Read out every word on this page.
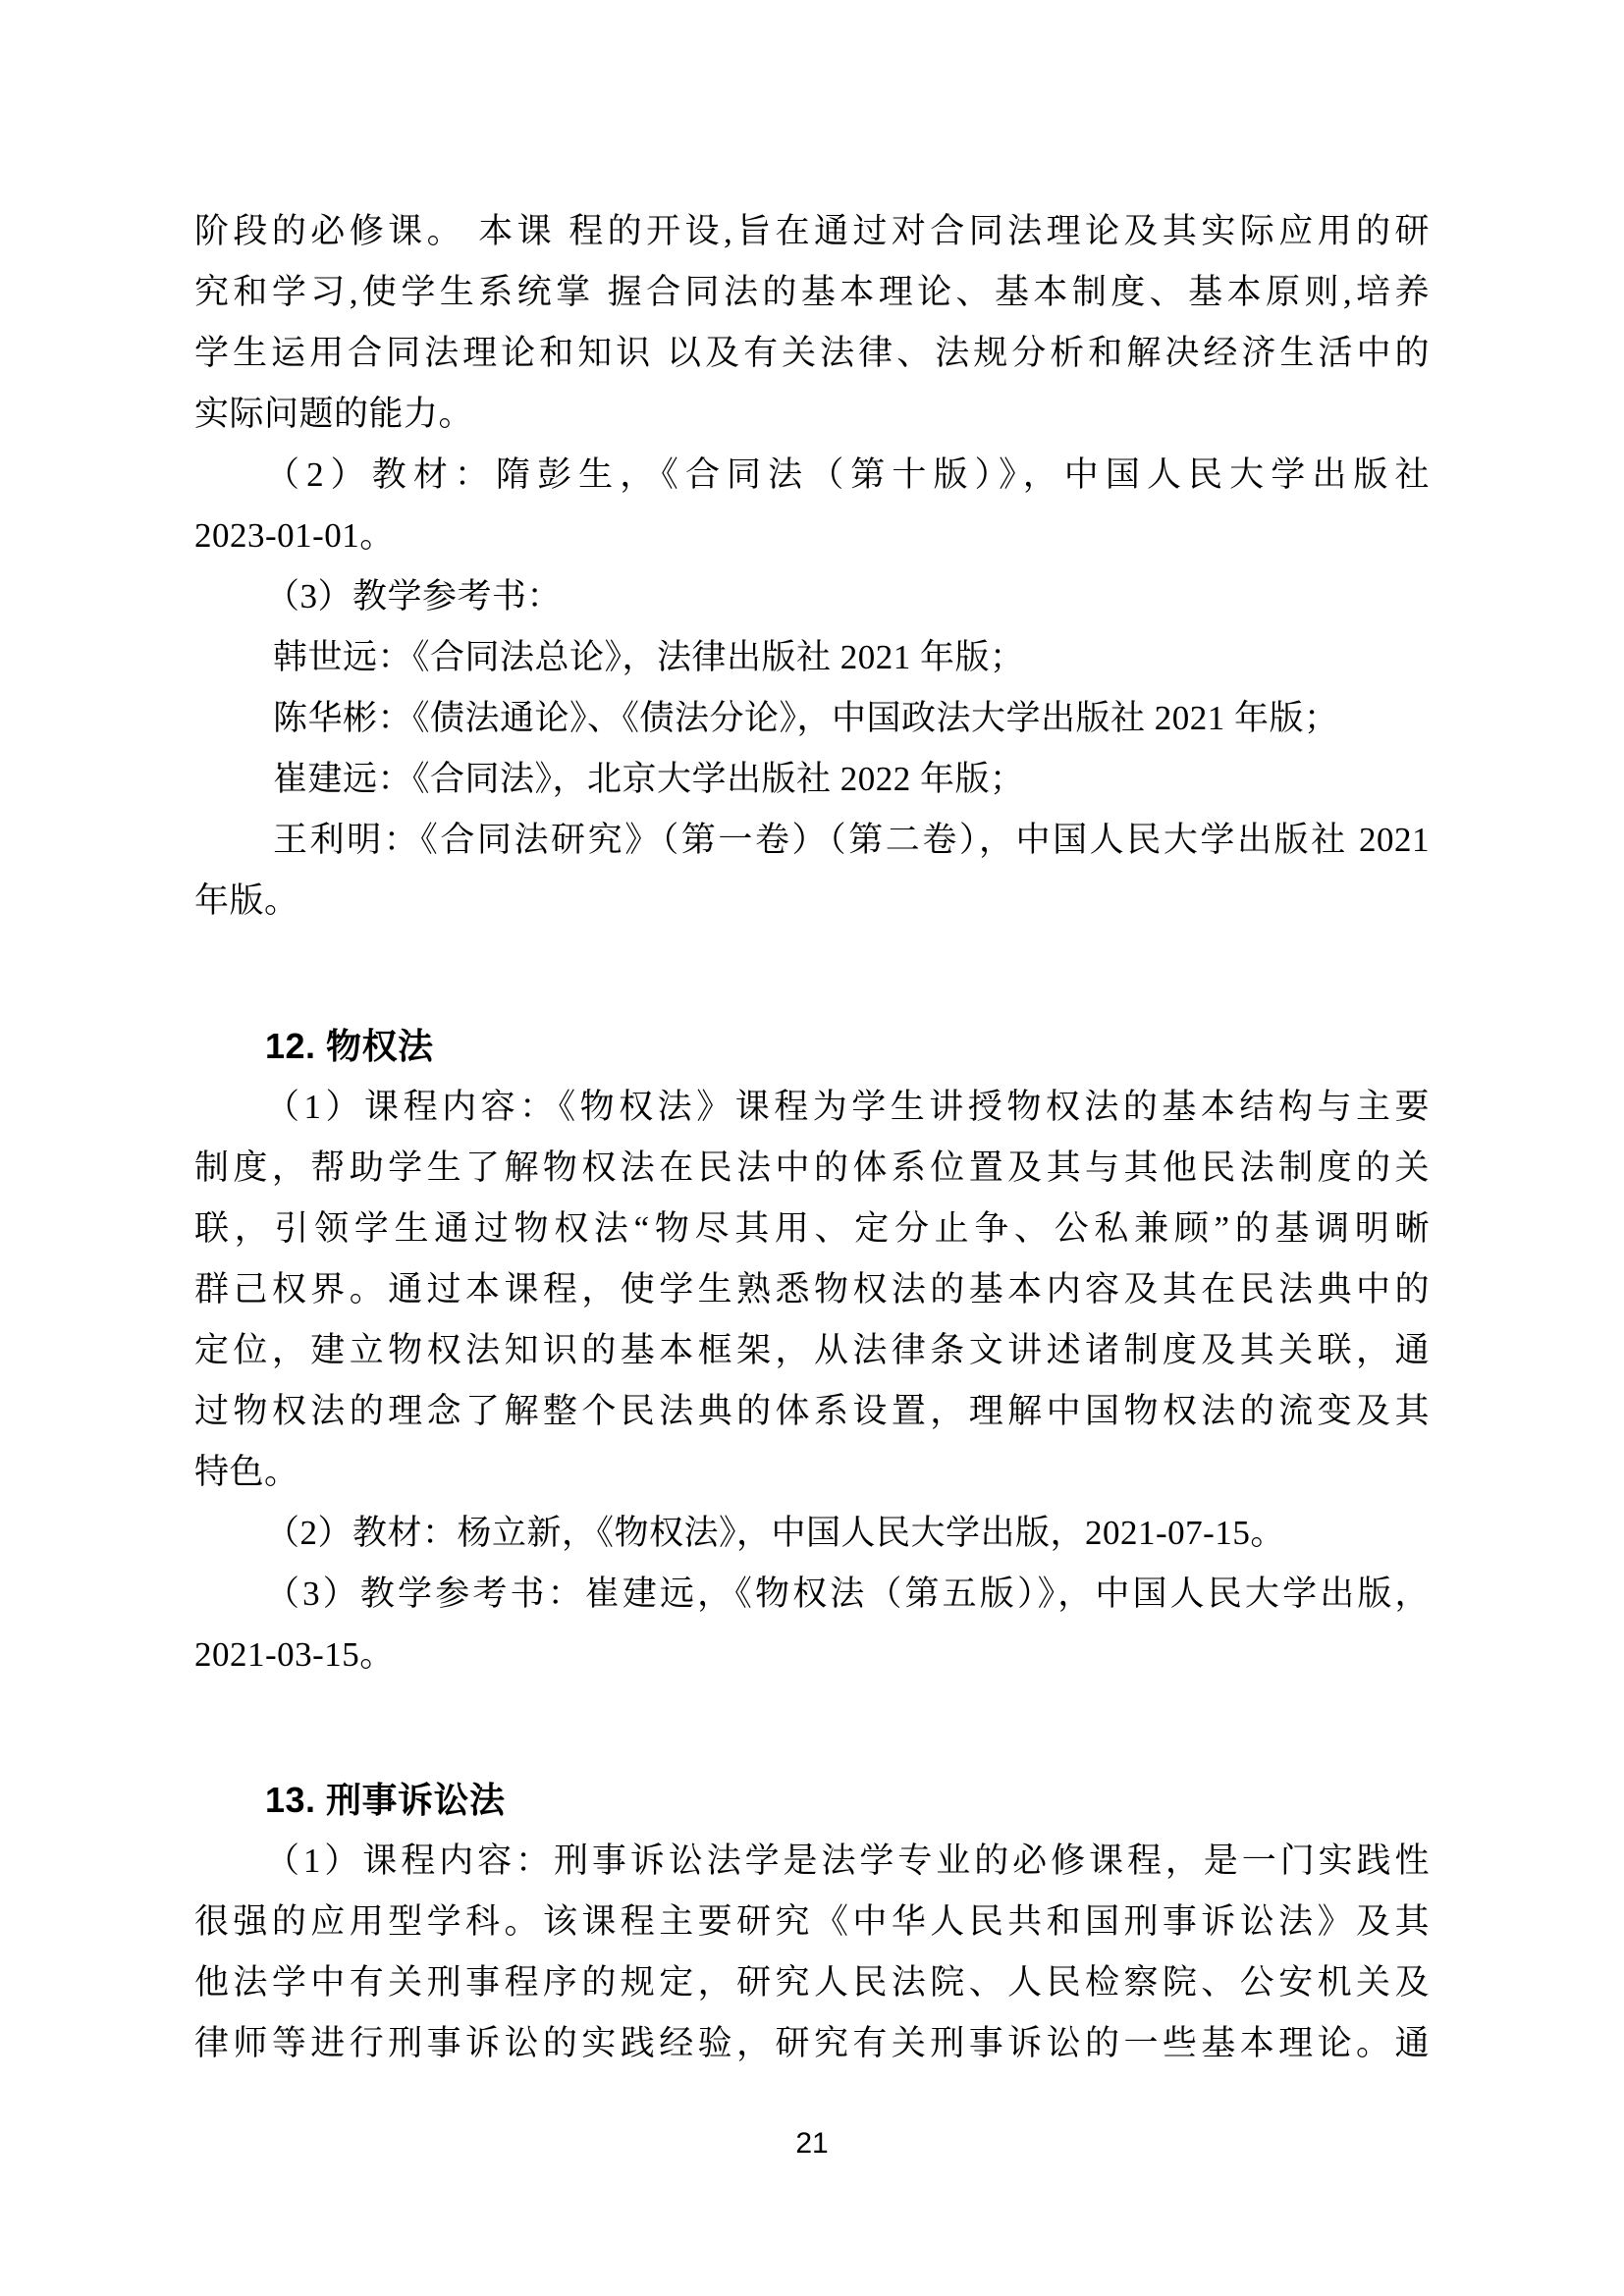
阶段的必修课。 本课 程的开设,旨在通过对合同法理论及其实际应用的研
究和学习,使学生系统掌 握合同法的基本理论、基本制度、基本原则,培养
学生运用合同法理论和知识 以及有关法律、法规分析和解决经济生活中的
实际问题的能力。
（2）教材：隋彭生，《合同法（第十版）》，中国人民大学出版社
2023-01-01。
（3）教学参考书：
韩世远：《合同法总论》，法律出版社 2021 年版；
陈华彬：《债法通论》、《债法分论》，中国政法大学出版社 2021 年版；
崔建远：《合同法》，北京大学出版社 2022 年版；
王利明：《合同法研究》（第一卷）（第二卷），中国人民大学出版社 2021
年版。
12. 物权法
（1）课程内容：《物权法》课程为学生讲授物权法的基本结构与主要
制度，帮助学生了解物权法在民法中的体系位置及其与其他民法制度的关
联，引领学生通过物权法“物尽其用、定分止争、公私兼顾”的基调明晰
群己权界。通过本课程，使学生熟悉物权法的基本内容及其在民法典中的
定位，建立物权法知识的基本框架，从法律条文讲述诸制度及其关联，通
过物权法的理念了解整个民法典的体系设置，理解中国物权法的流变及其
特色。
（2）教材：杨立新，《物权法》，中国人民大学出版，2021-07-15。
（3）教学参考书：崔建远，《物权法（第五版）》，中国人民大学出版，
2021-03-15。
13. 刑事诉讼法
（1）课程内容：刑事诉讼法学是法学专业的必修课程，是一门实践性
很强的应用型学科。该课程主要研究《中华人民共和国刑事诉讼法》及其
他法学中有关刑事程序的规定，研究人民法院、人民检察院、公安机关及
律师等进行刑事诉讼的实践经验，研究有关刑事诉讼的一些基本理论。通
21
